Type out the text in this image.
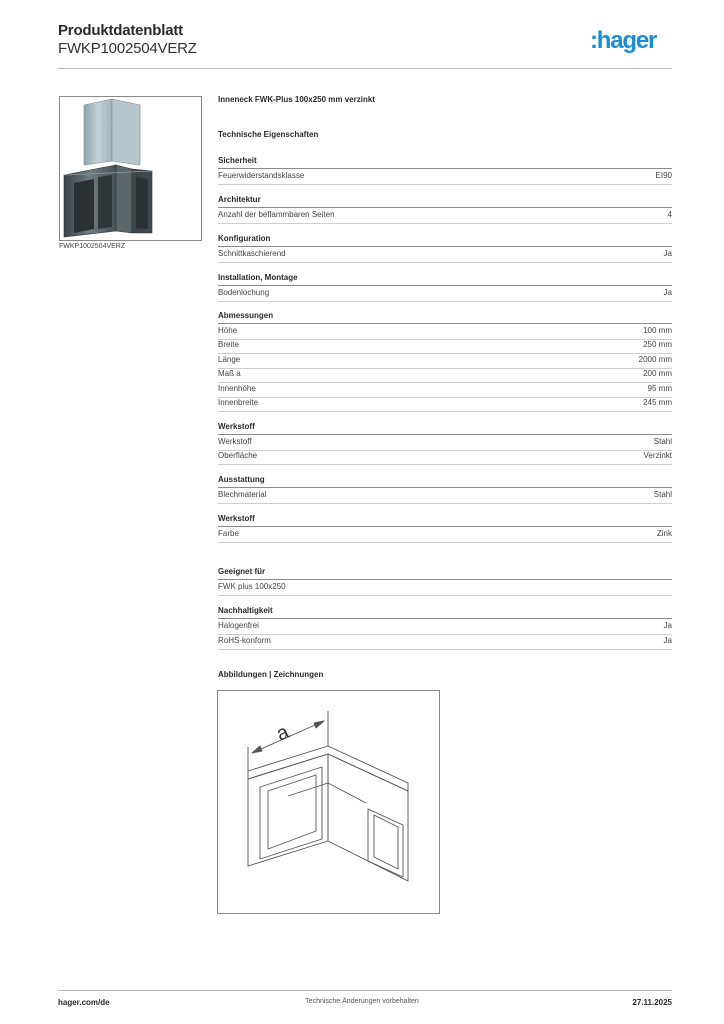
Produktdatenblatt
FWKP1002504VERZ	:hager
FWKP1002504VERZ
Inneneck FWK-Plus 100x250 mm verzinkt
Technische Eigenschaften
Sicherheit
Feuerwiderstandsklasse	EI90
Architektur
Anzahl der beflammbaren Seiten	4
Konfiguration
Schnittkaschierend	Ja
Installation, Montage
Bodenlochung	Ja
Abmessungen
Höhe	100 mm
Breite	250 mm
Länge	2000 mm
Maß a	200 mm
Innenhöhe	95 mm
Innenbreite	245 mm
Werkstoff
Werkstoff	Stahl
Oberfläche	Verzinkt
Ausstattung
Blechmaterial	Stahl
Werkstoff
Farbe	Zink
Geeignet für
FWK plus 100x250
Nachhaltigkeit
Halogenfrei	Ja
RoHS-konform	Ja
Abbildungen | Zeichnungen
a
hager.com/de	Technische Änderungen vorbehalten	27.11.2025
